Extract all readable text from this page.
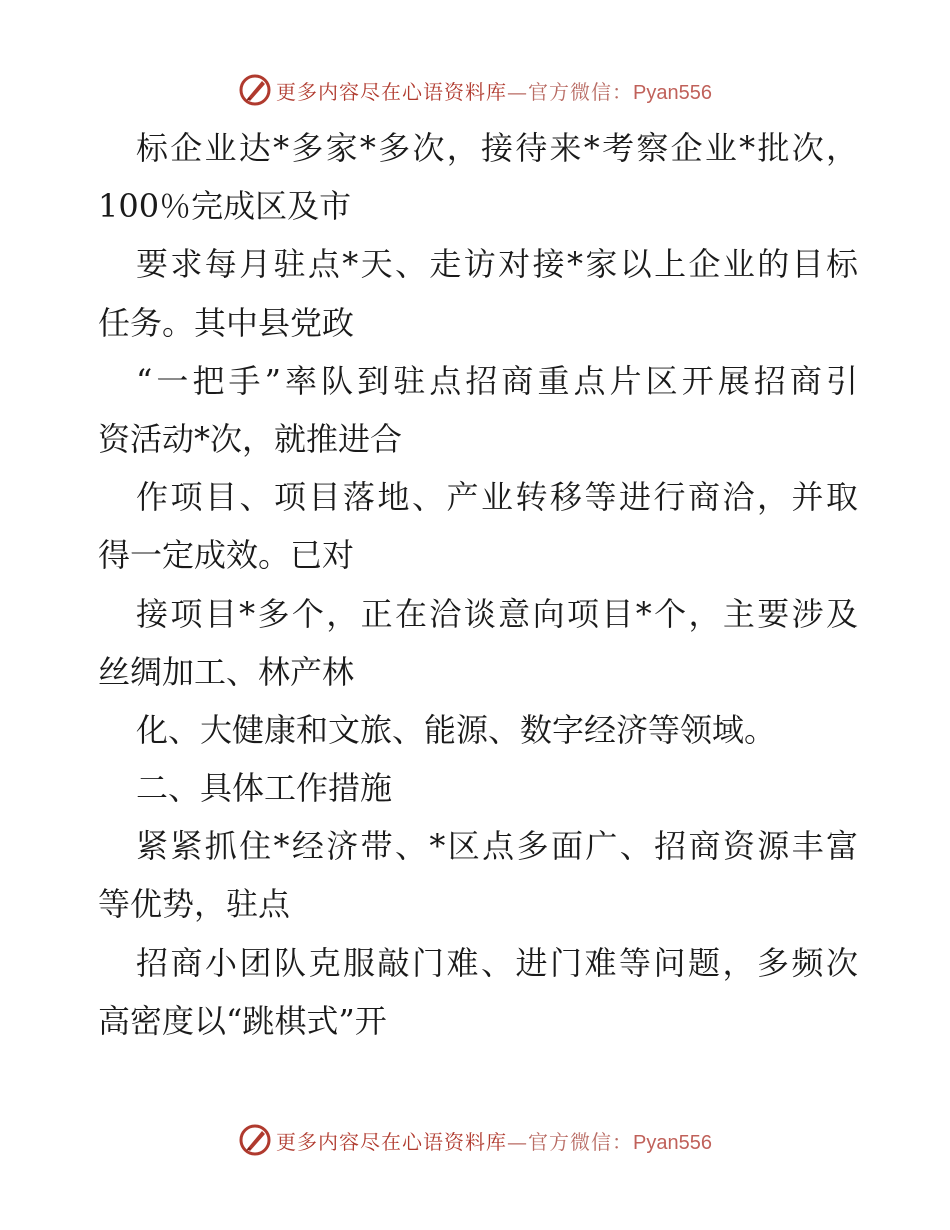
更多内容尽在心语资料库—官方微信：Pyan556
标企业达*多家*多次，接待来*考察企业*批次，
100％完成区及市
要求每月驻点*天、走访对接*家以上企业的目标
任务。其中县党政
“一把手”率队到驻点招商重点片区开展招商引
资活动*次，就推进合
作项目、项目落地、产业转移等进行商洽，并取
得一定成效。已对
接项目*多个，正在洽谈意向项目*个，主要涉及
丝绸加工、林产林
化、大健康和文旅、能源、数字经济等领域。
二、具体工作措施
紧紧抓住*经济带、*区点多面广、招商资源丰富
等优势，驻点
招商小团队克服敲门难、进门难等问题，多频次
高密度以“跳棋式”开
更多内容尽在心语资料库—官方微信：Pyan556
